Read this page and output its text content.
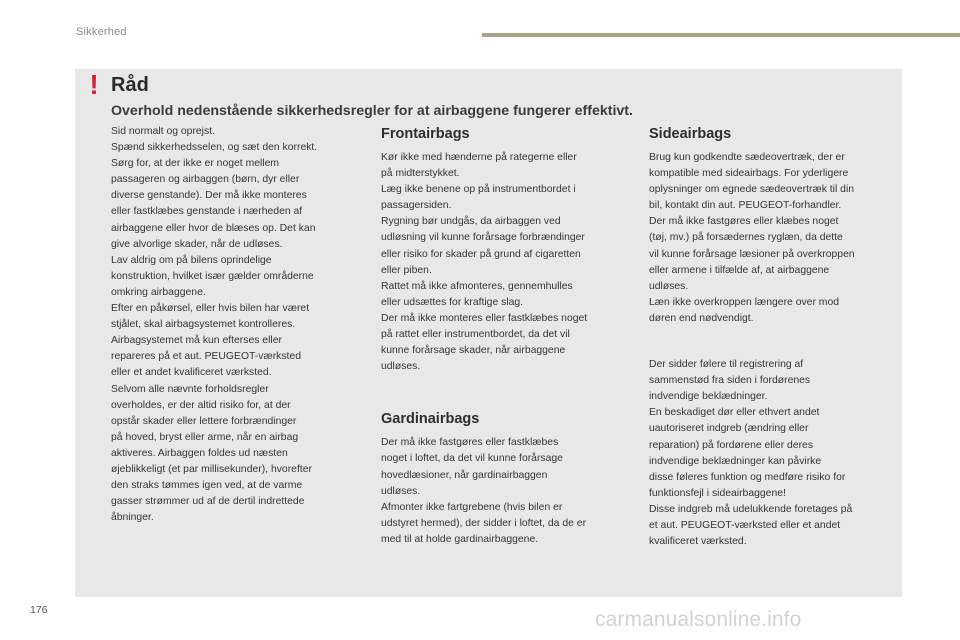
Sikkerhed
! Råd
Overhold nedenstående sikkerhedsregler for at airbaggene fungerer effektivt.

Sid normalt og oprejst.
Spænd sikkerhedsselen, og sæt den korrekt.
Sørg for, at der ikke er noget mellem
passageren og airbaggen (børn, dyr eller
diverse genstande). Der må ikke monteres
eller fastklæbes genstande i nærheden af
airbaggene eller hvor de blæses op. Det kan
give alvorlige skader, når de udløses.
Lav aldrig om på bilens oprindelige
konstruktion, hvilket især gælder områderne
omkring airbaggene.
Efter en påkørsel, eller hvis bilen har været
stjålet, skal airbagsystemet kontrolleres.
Airbagsystemet må kun efterses eller
repareres på et aut. PEUGEOT-værksted
eller et andet kvalificeret værksted.
Selvom alle nævnte forholdsregler
overholdes, er der altid risiko for, at der
opstår skader eller lettere forbrændinger
på hoved, bryst eller arme, når en airbag
aktiveres. Airbaggen foldes ud næsten
øjeblikkeligt (et par millisekunder), hvorefter
den straks tømmes igen ved, at de varme
gasser strømmer ud af de dertil indrettede
åbninger.

Frontairbags

Kør ikke med hænderne på rategerne eller
på midterstykket.
Læg ikke benene op på instrumentbordet i
passagersiden.
Rygning bør undgås, da airbaggen ved
udløsning vil kunne forårsage forbrændinger
eller risiko for skader på grund af cigaretten
eller piben.
Rattet må ikke afmonteres, gennemhulles
eller udsættes for kraftige slag.
Der må ikke monteres eller fastklæbes noget
på rattet eller instrumentbordet, da det vil
kunne forårsage skader, når airbaggene
udløses.

Gardinairbags

Der må ikke fastgøres eller fastklæbes
noget i loftet, da det vil kunne forårsage
hovedlæsioner, når gardinairbaggen
udløses.
Afmonter ikke fartgrebene (hvis bilen er
udstyret hermed), der sidder i loftet, da de er
med til at holde gardinairbaggene.

Sideairbags

Brug kun godkendte sædeovertræk, der er
kompatible med sideairbags. For yderligere
oplysninger om egnede sædeovertræk til din
bil, kontakt din aut. PEUGEOT-forhandler.
Der må ikke fastgøres eller klæbes noget
(tøj, mv.) på forsædernes ryglæn, da dette
vil kunne forårsage læsioner på overkroppen
eller armene i tilfælde af, at airbaggene
udløses.
Læn ikke overkroppen længere over mod
døren end nødvendigt.

Der sidder følere til registrering af
sammenstød fra siden i fordørenes
indvendige beklædninger.
En beskadiget dør eller ethvert andet
uautoriseret indgreb (ændring eller
reparation) på fordørene eller deres
indvendige beklædninger kan påvirke
disse føleres funktion og medføre risiko for
funktionsfejl i sideairbaggene!
Disse indgreb må udelukkende foretages på
et aut. PEUGEOT-værksted eller et andet
kvalificeret værksted.

176	carmanualsonline.info
